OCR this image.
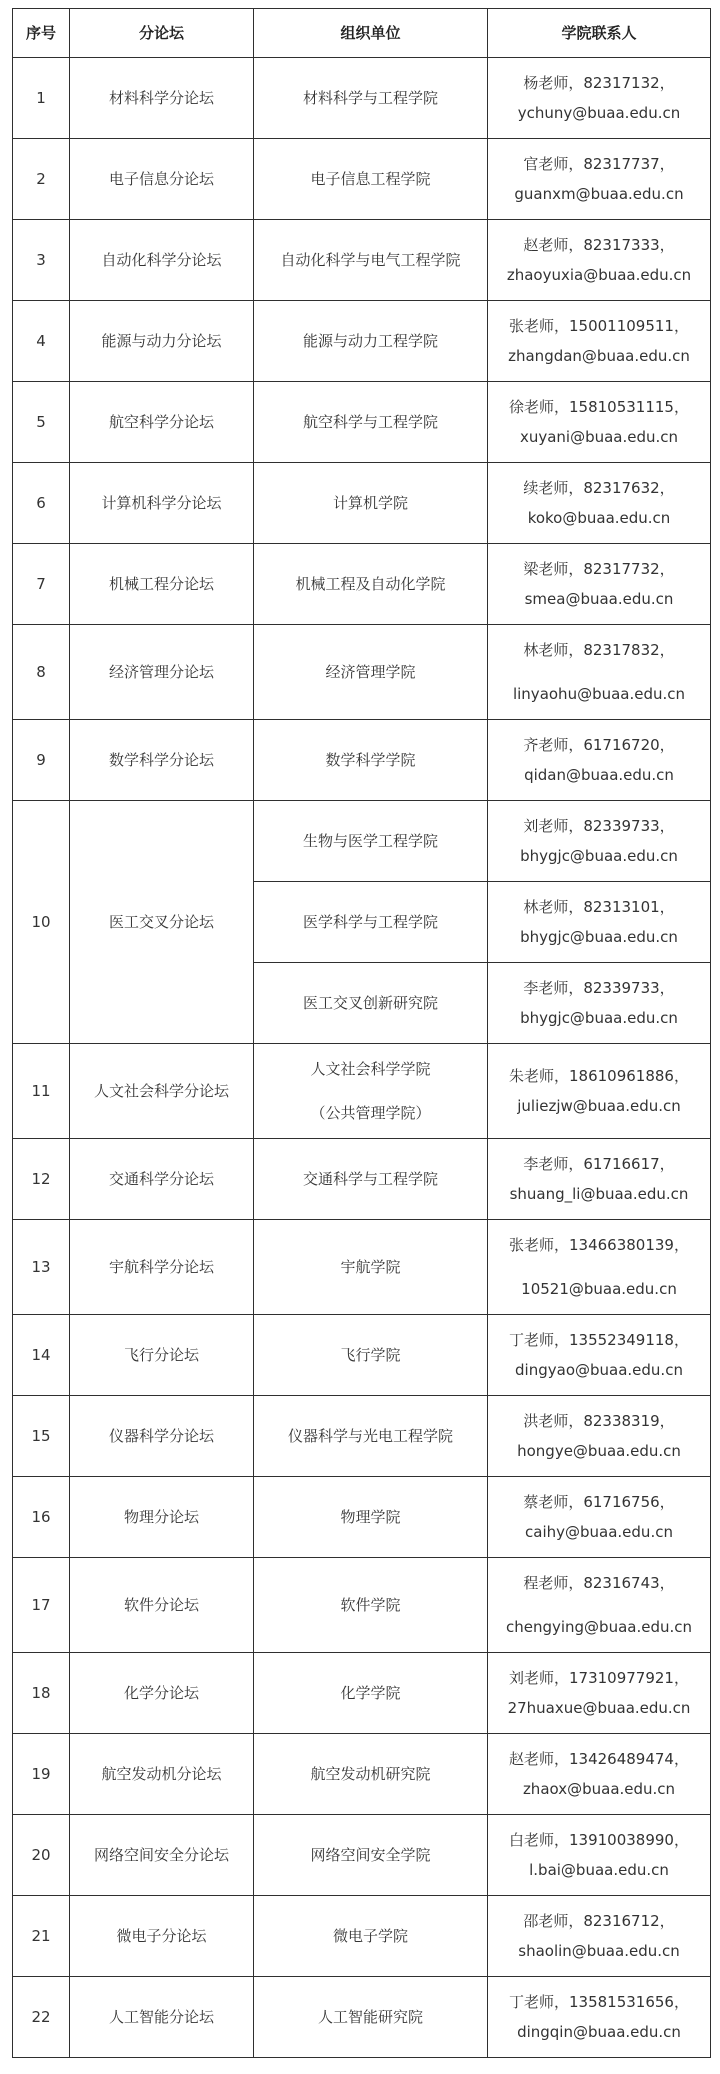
序号	分论坛	组织单位	学院联系人
1	材料科学分论坛	材料科学与工程学院	杨老师，82317132，
ychuny@buaa.edu.cn

2	电子信息分论坛	电子信息工程学院	官老师，82317737，
guanxm@buaa.edu.cn

3	自动化科学分论坛	自动化科学与电气工程学院	赵老师，82317333，
zhaoyuxia@buaa.edu.cn

4	能源与动力分论坛	能源与动力工程学院	张老师，15001109511，
zhangdan@buaa.edu.cn

5	航空科学分论坛	航空科学与工程学院	徐老师，15810531115，
xuyani@buaa.edu.cn

6	计算机科学分论坛	计算机学院	续老师，82317632，
koko@buaa.edu.cn

7	机械工程分论坛	机械工程及自动化学院	梁老师，82317732，
smea@buaa.edu.cn

8	经济管理分论坛	经济管理学院	林老师，82317832，
linyaohu@buaa.edu.cn

9	数学科学分论坛	数学科学学院	齐老师，61716720，
qidan@buaa.edu.cn

10	医工交叉分论坛	生物与医学工程学院	刘老师，82339733，
bhygjc@buaa.edu.cn

		医学科学与工程学院	林老师，82313101，
bhygjc@buaa.edu.cn

		医工交叉创新研究院	李老师，82339733，
bhygjc@buaa.edu.cn

11	人文社会科学分论坛	人文社会科学学院
（公共管理学院）	朱老师，18610961886，
juliezjw@buaa.edu.cn

12	交通科学分论坛	交通科学与工程学院	李老师，61716617，
shuang_li@buaa.edu.cn

13	宇航科学分论坛	宇航学院	张老师，13466380139，
10521@buaa.edu.cn

14	飞行分论坛	飞行学院	丁老师，13552349118，
dingyao@buaa.edu.cn

15	仪器科学分论坛	仪器科学与光电工程学院	洪老师，82338319，
hongye@buaa.edu.cn

16	物理分论坛	物理学院	蔡老师，61716756，
caihy@buaa.edu.cn

17	软件分论坛	软件学院	程老师，82316743，
chengying@buaa.edu.cn

18	化学分论坛	化学学院	刘老师，17310977921，
27huaxue@buaa.edu.cn

19	航空发动机分论坛	航空发动机研究院	赵老师，13426489474，
zhaox@buaa.edu.cn

20	网络空间安全分论坛	网络空间安全学院	白老师，13910038990，
l.bai@buaa.edu.cn

21	微电子分论坛	微电子学院	邵老师，82316712，
shaolin@buaa.edu.cn

22	人工智能分论坛	人工智能研究院	丁老师，13581531656，
dingqin@buaa.edu.cn
